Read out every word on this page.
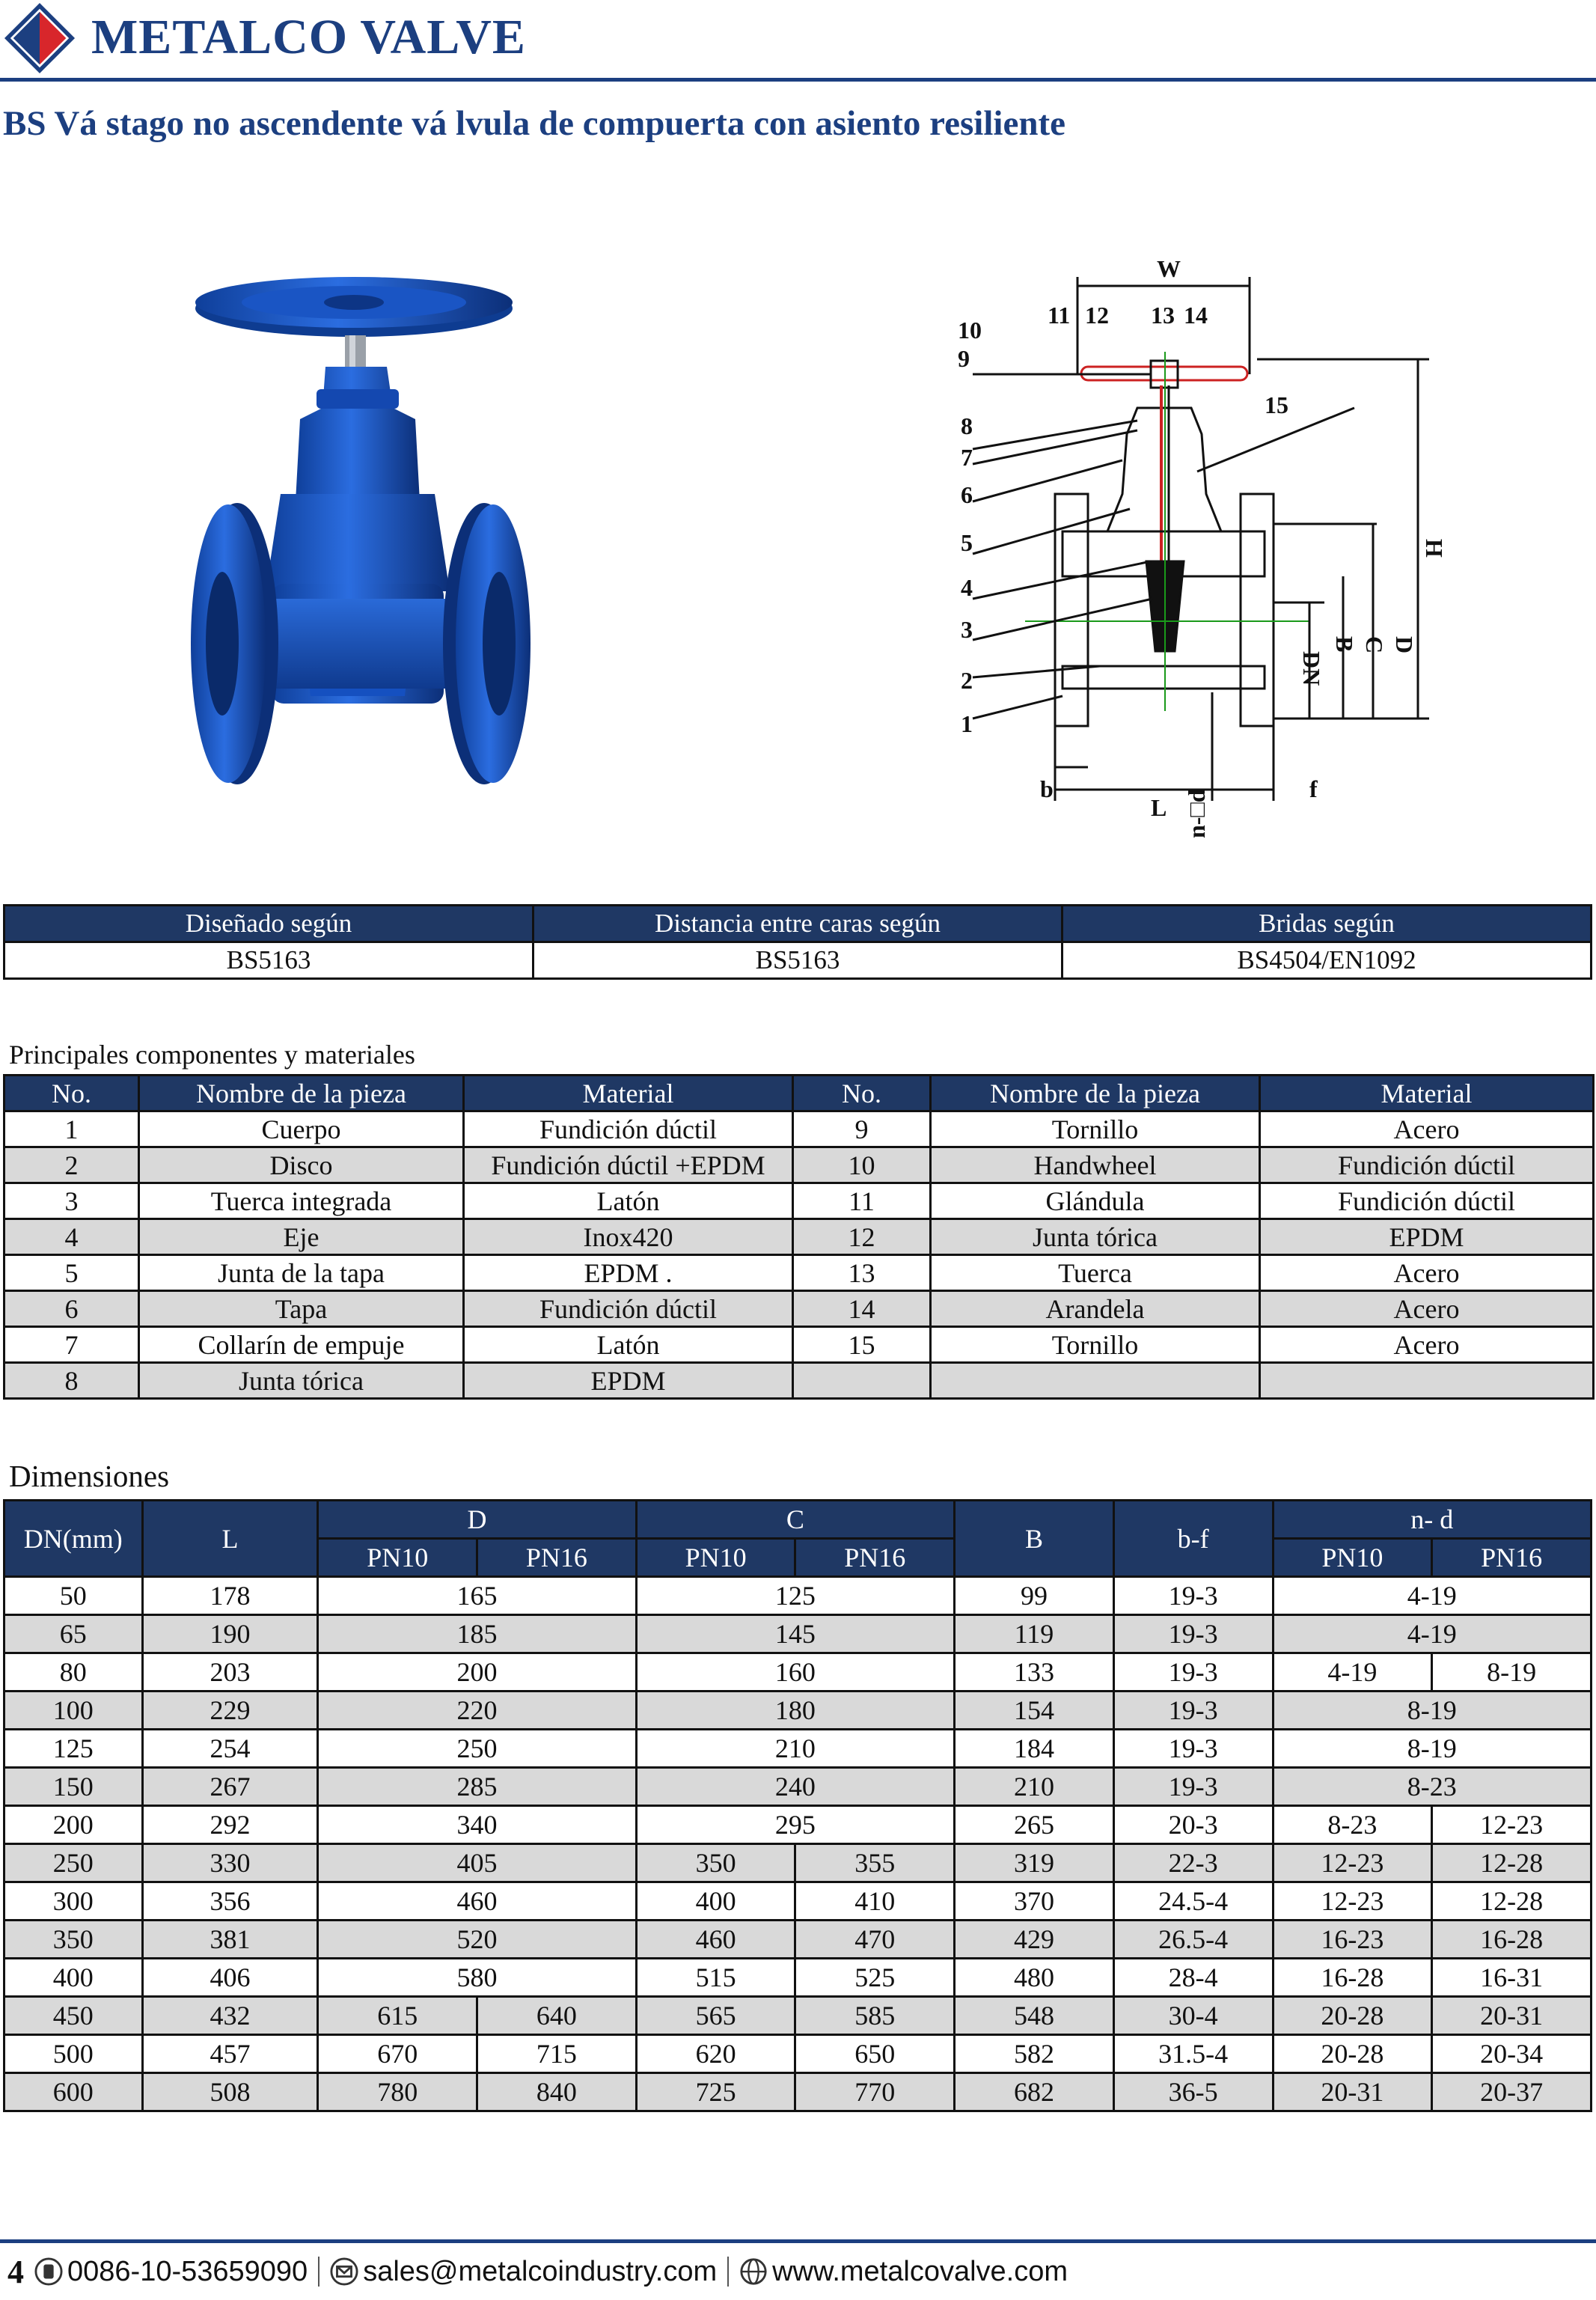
METALCO VALVE
BS Vá stago no ascendente vá lvula de compuerta con asiento resiliente
W
10
9
11 12 13 14
15
8
7
6
5
4
3
2
1
DN
B C D
H
L
b	f
n-□d
Diseñado según	Distancia entre caras según	Bridas según
BS5163	BS5163	BS4504/EN1092
Principales componentes y materiales
No.	Nombre de la pieza	Material	No.	Nombre de la pieza	Material
1	Cuerpo	Fundición dúctil	9	Tornillo	Acero
2	Disco	Fundición dúctil +EPDM	10	Handwheel	Fundición dúctil
3	Tuerca integrada	Latón	11	Glándula	Fundición dúctil
4	Eje	Inox420	12	Junta tórica	EPDM
5	Junta de la tapa	EPDM .	13	Tuerca	Acero
6	Tapa	Fundición dúctil	14	Arandela	Acero
7	Collarín de empuje	Latón	15	Tornillo	Acero
8	Junta tórica	EPDM			
Dimensiones
DN(mm)	L	D		C		B	b-f	n- d	
		PN10	PN16	PN10	PN16			PN10	PN16
50	178	165		125		99	19-3	4-19	
65	190	185		145		119	19-3	4-19	
80	203	200		160		133	19-3	4-19	8-19
100	229	220		180		154	19-3	8-19	
125	254	250		210		184	19-3	8-19	
150	267	285		240		210	19-3	8-23	
200	292	340		295		265	20-3	8-23	12-23
250	330	405		350	355	319	22-3	12-23	12-28
300	356	460		400	410	370	24.5-4	12-23	12-28
350	381	520		460	470	429	26.5-4	16-23	16-28
400	406	580		515	525	480	28-4	16-28	16-31
450	432	615	640	565	585	548	30-4	20-28	20-31
500	457	670	715	620	650	582	31.5-4	20-28	20-34
600	508	780	840	725	770	682	36-5	20-31	20-37
4 0086-10-53659090 sales@metalcoindustry.com www.metalcovalve.com
